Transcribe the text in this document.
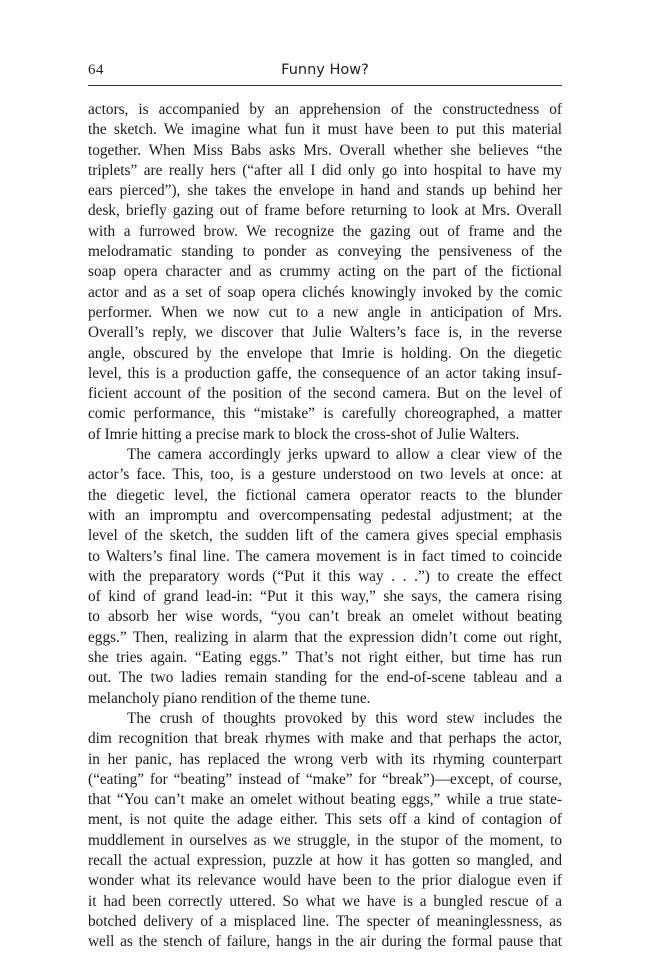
64	Funny How?

actors, is accompanied by an apprehension of the constructedness of
the sketch. We imagine what fun it must have been to put this material
together. When Miss Babs asks Mrs. Overall whether she believes “the
triplets” are really hers (“after all I did only go into hospital to have my
ears pierced”), she takes the envelope in hand and stands up behind her
desk, briefly gazing out of frame before returning to look at Mrs. Overall
with a furrowed brow. We recognize the gazing out of frame and the
melodramatic standing to ponder as conveying the pensiveness of the
soap opera character and as crummy acting on the part of the fictional
actor and as a set of soap opera clichés knowingly invoked by the comic
performer. When we now cut to a new angle in anticipation of Mrs.
Overall’s reply, we discover that Julie Walters’s face is, in the reverse
angle, obscured by the envelope that Imrie is holding. On the diegetic
level, this is a production gaffe, the consequence of an actor taking insuf-
ficient account of the position of the second camera. But on the level of
comic performance, this “mistake” is carefully choreographed, a matter
of Imrie hitting a precise mark to block the cross-shot of Julie Walters.

The camera accordingly jerks upward to allow a clear view of the
actor’s face. This, too, is a gesture understood on two levels at once: at
the diegetic level, the fictional camera operator reacts to the blunder
with an impromptu and overcompensating pedestal adjustment; at the
level of the sketch, the sudden lift of the camera gives special emphasis
to Walters’s final line. The camera movement is in fact timed to coincide
with the preparatory words (“Put it this way . . .”) to create the effect
of kind of grand lead-in: “Put it this way,” she says, the camera rising
to absorb her wise words, “you can’t break an omelet without beating
eggs.” Then, realizing in alarm that the expression didn’t come out right,
she tries again. “Eating eggs.” That’s not right either, but time has run
out. The two ladies remain standing for the end-of-scene tableau and a
melancholy piano rendition of the theme tune.

The crush of thoughts provoked by this word stew includes the
dim recognition that break rhymes with make and that perhaps the actor,
in her panic, has replaced the wrong verb with its rhyming counterpart
(“eating” for “beating” instead of “make” for “break”)—except, of course,
that “You can’t make an omelet without beating eggs,” while a true state-
ment, is not quite the adage either. This sets off a kind of contagion of
muddlement in ourselves as we struggle, in the stupor of the moment, to
recall the actual expression, puzzle at how it has gotten so mangled, and
wonder what its relevance would have been to the prior dialogue even if
it had been correctly uttered. So what we have is a bungled rescue of a
botched delivery of a misplaced line. The specter of meaninglessness, as
well as the stench of failure, hangs in the air during the formal pause that
